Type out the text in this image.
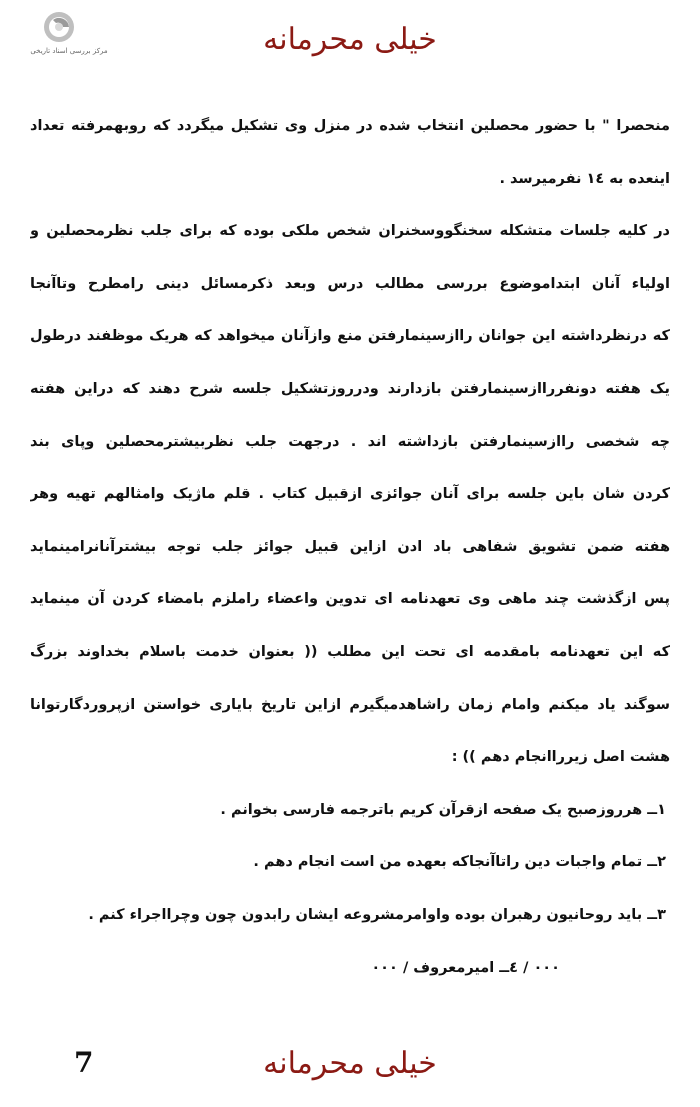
مرکز بررسی اسناد تاریخی	خیلی محرمانه
منحصرا " با حضور محصلین انتخاب شده در منزل وی تشکیل میگردد که روبهمرفته تعداد
اینعده به ۱٤ نفرمیرسد .
در کلیه جلسات متشکله سخنگووسخنران شخص ملکی بوده که برای جلب نظرمحصلین و
اولیاء آنان ابتداموضوع بررسی مطالب درس وبعد ذکرمسائل دینی رامطرح وتاآنجا
که درنظرداشته این جوانان راازسینمارفتن منع وازآنان میخواهد که هریک موظفند درطول
یک هفته دونفرراازسینمارفتن بازدارند ودرروزتشکیل جلسه شرح دهند که دراین هفته
چه شخصی راازسینمارفتن بازداشته اند . درجهت جلب نظربیشترمحصلین وپای بند
کردن شان باین جلسه برای آنان جوائزی ازقبیل کتاب . قلم ماژیک وامثالهم تهیه وهر
هفته ضمن تشویق شفاهی باد ادن ازاین قبیل جوائز جلب توجه بیشترآنانرامینماید
پس ازگذشت چند ماهی وی تعهدنامه ای تدوین واعضاء راملزم بامضاء کردن آن مینماید
که این تعهدنامه بامقدمه ای تحت این مطلب (( بعنوان خدمت باسلام بخداوند بزرگ
سوگند یاد میکنم وامام زمان راشاهدمیگیرم ازاین تاریخ بایاری خواستن ازپروردگارتوانا
هشت اصل زیرراانجام دهم )) :
۱ــ هرروزصبح یک صفحه ازقرآن کریم باترجمه فارسی بخوانم .
۲ــ تمام واجبات دین راتاآنجاکه بعهده من است انجام دهم .
۳ــ باید روحانیون رهبران بوده واوامرمشروعه ایشان رابدون چون وچرااجراء کنم .
۰۰۰ / ٤ــ امیرمعروف / ۰۰۰
7	خیلی محرمانه
